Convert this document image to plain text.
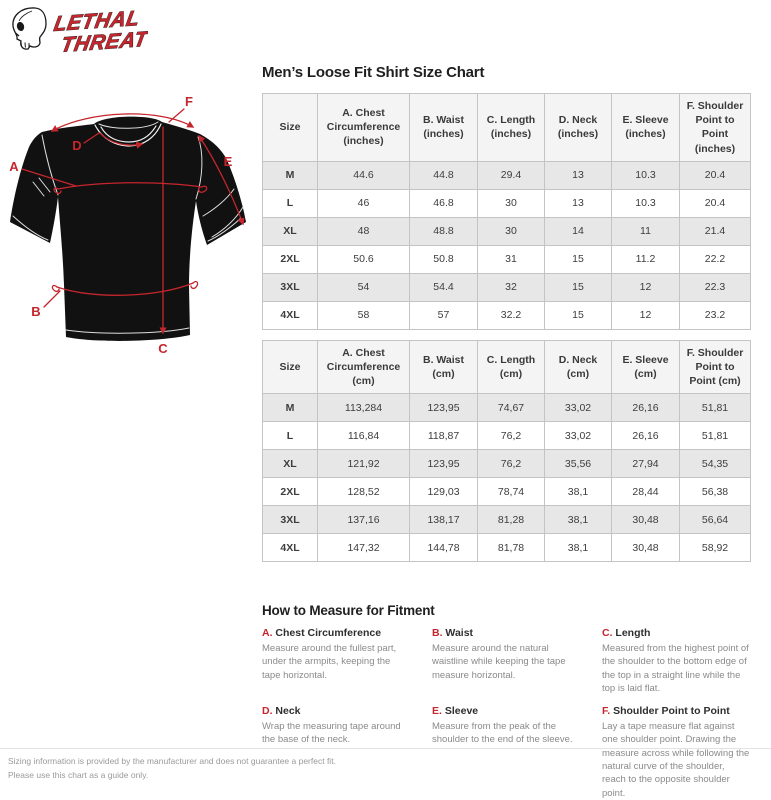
LETHAL
THREAT
F
E
D
A
B
C
Men’s Loose Fit Shirt Size Chart
Size	A. Chest Circumference (inches)	B. Waist (inches)	C. Length (inches)	D. Neck (inches)	E. Sleeve (inches)	F. Shoulder Point to Point (inches)
M	44.6	44.8	29.4	13	10.3	20.4
L	46	46.8	30	13	10.3	20.4
XL	48	48.8	30	14	11	21.4
2XL	50.6	50.8	31	15	11.2	22.2
3XL	54	54.4	32	15	12	22.3
4XL	58	57	32.2	15	12	23.2
Size	A. Chest Circumference (cm)	B. Waist (cm)	C. Length (cm)	D. Neck (cm)	E. Sleeve (cm)	F. Shoulder Point to Point (cm)
M	113,284	123,95	74,67	33,02	26,16	51,81
L	116,84	118,87	76,2	33,02	26,16	51,81
XL	121,92	123,95	76,2	35,56	27,94	54,35
2XL	128,52	129,03	78,74	38,1	28,44	56,38
3XL	137,16	138,17	81,28	38,1	30,48	56,64
4XL	147,32	144,78	81,78	38,1	30,48	58,92
How to Measure for Fitment
A. Chest Circumference
Measure around the fullest part, under the armpits, keeping the tape horizontal.
B. Waist
Measure around the natural waistline while keeping the tape measure horizontal.
C. Length
Measured from the highest point of the shoulder to the bottom edge of the top in a straight line while the top is laid flat.
D. Neck
Wrap the measuring tape around the base of the neck.
E. Sleeve
Measure from the peak of the shoulder to the end of the sleeve.
F. Shoulder Point to Point
Lay a tape measure flat against one shoulder point. Drawing the measure across while following the natural curve of the shoulder, reach to the opposite shoulder point.
Sizing information is provided by the manufacturer and does not guarantee a perfect fit.
Please use this chart as a guide only.
